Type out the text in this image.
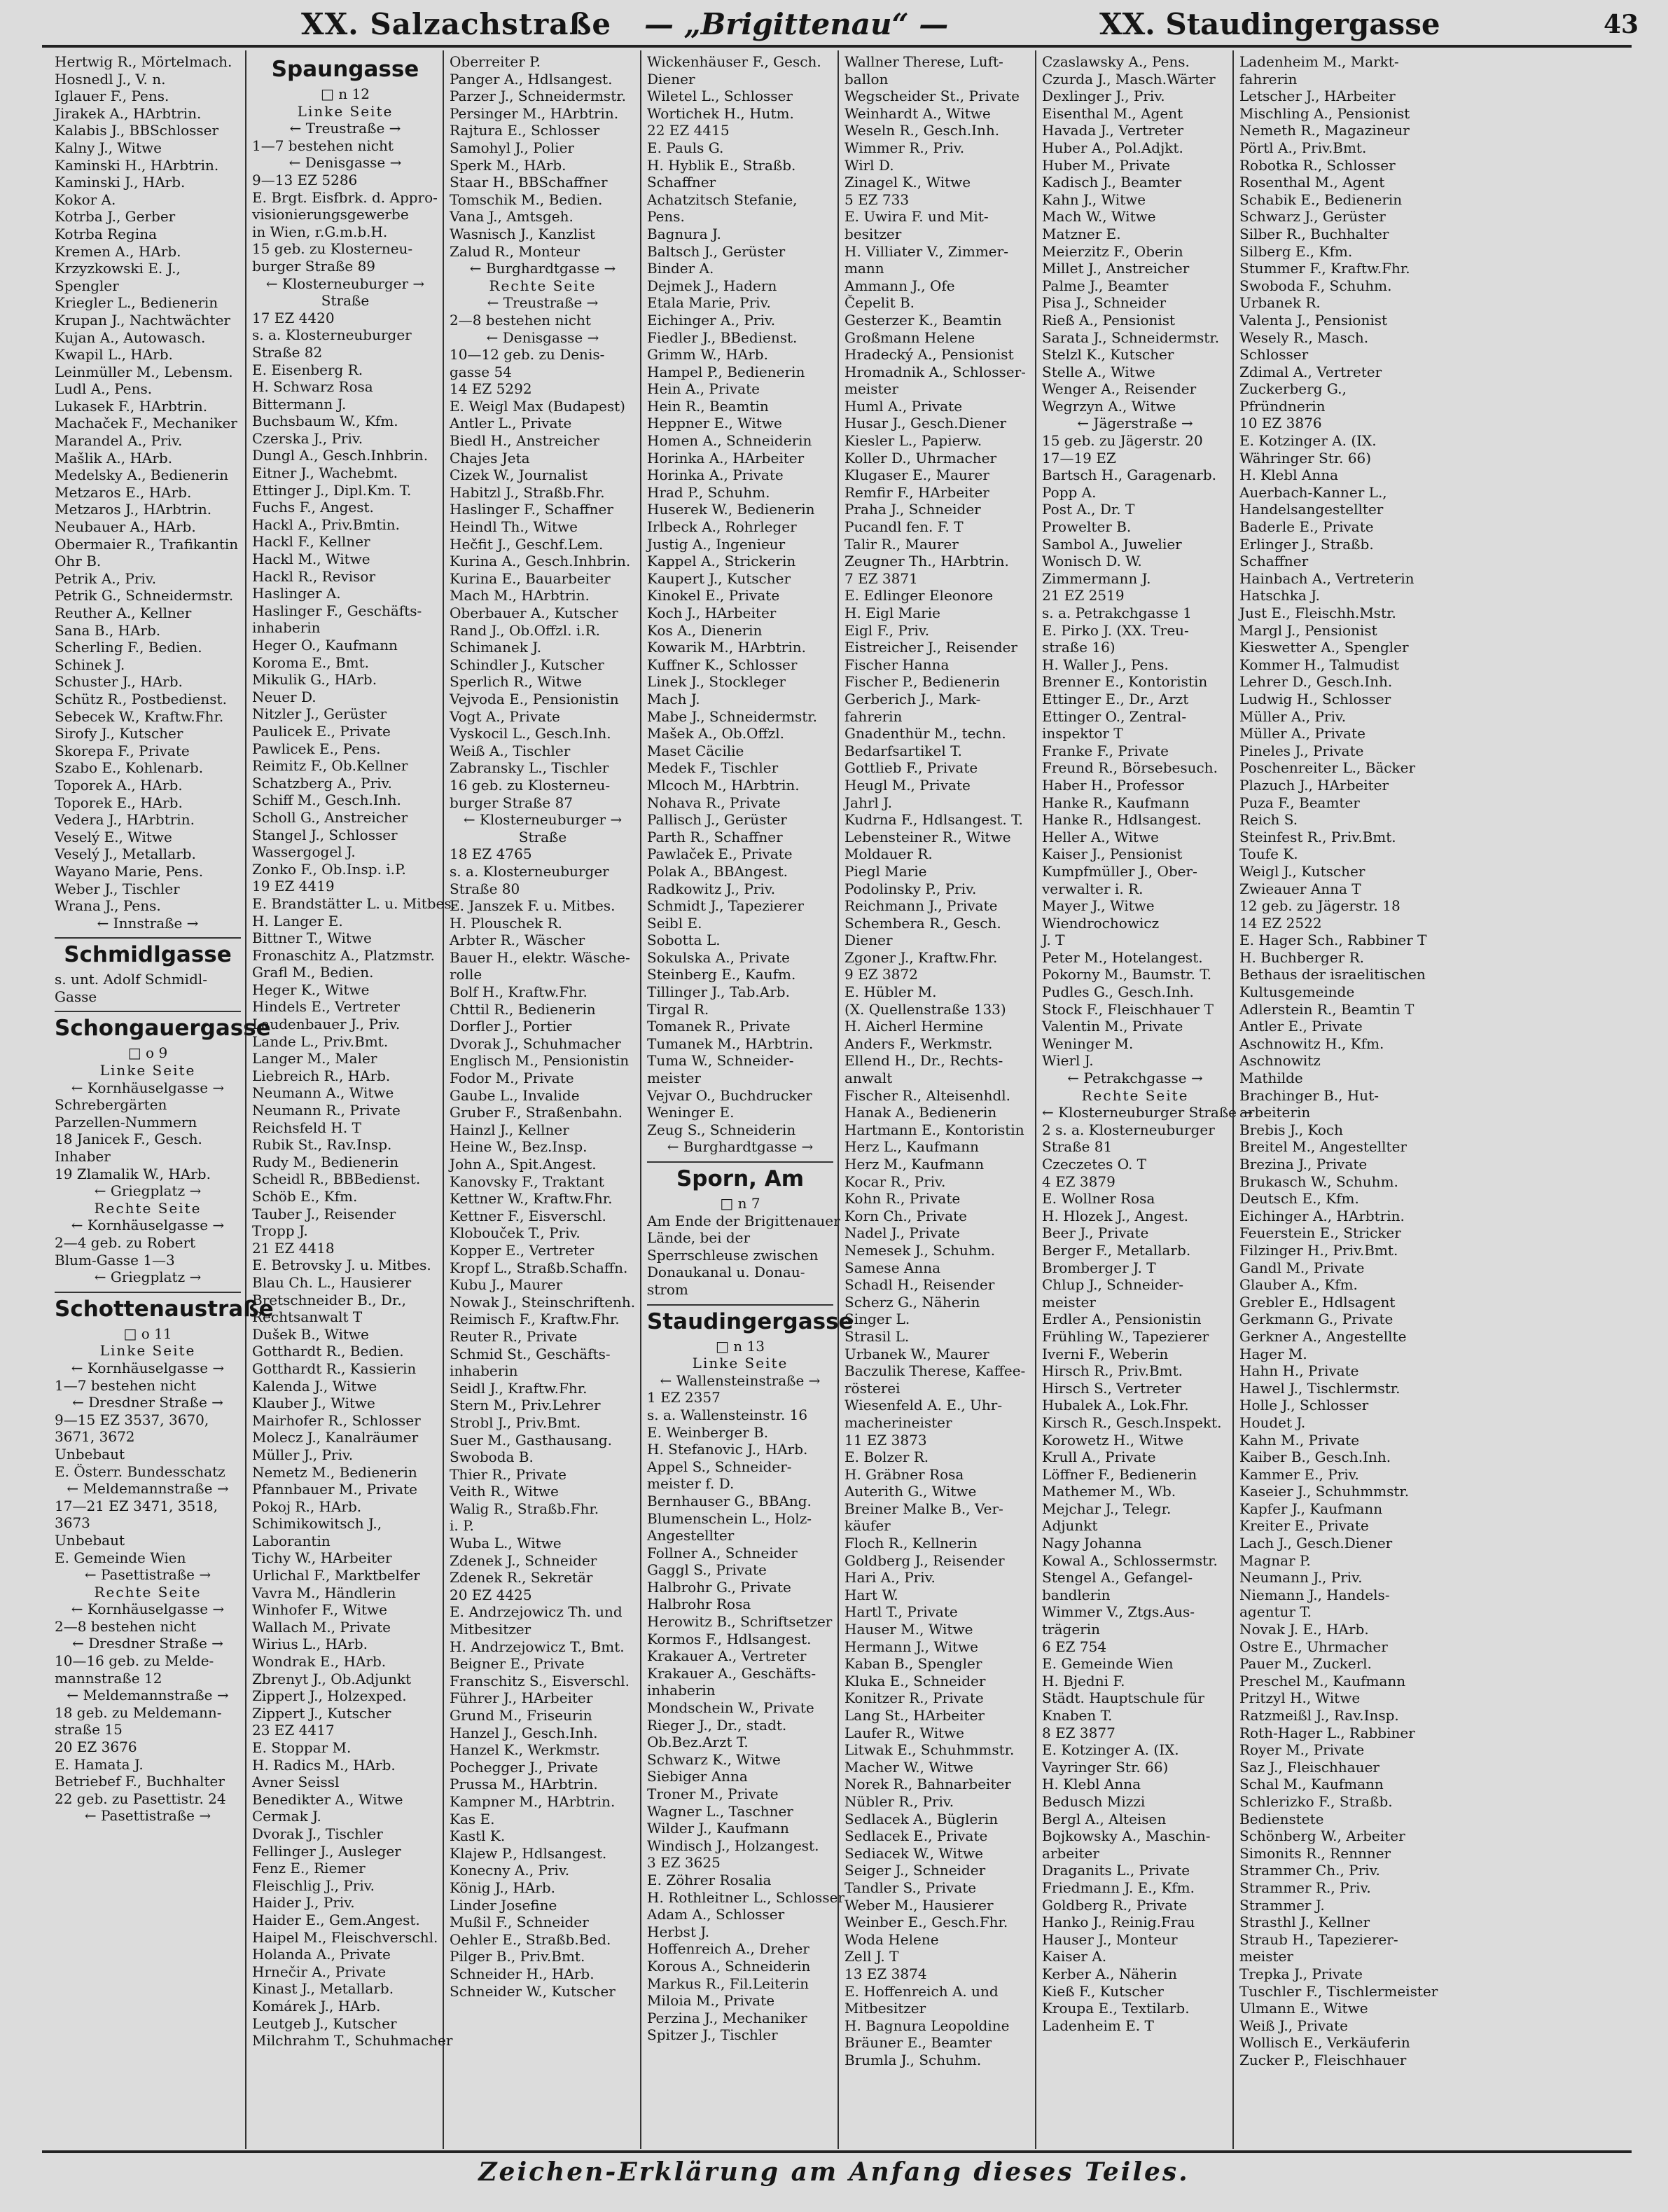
XX. Salzachstraße — „Brigittenau“ —	XX. Staudingergasse	43
Hertwig R., Mörtelmach.
Hosnedl J., V. n.
Iglauer F., Pens.
Jirakek A., HArbtrin.
Kalabis J., BBSchlosser
Kalny J., Witwe
Kaminski H., HArbtrin.
Kaminski J., HArb.
Kokor A.
Kotrba J., Gerber
Kotrba Regina
Kremen A., HArb.
Krzyzkowski E. J.,
Spengler
Kriegler L., Bedienerin
Krupan J., Nachtwächter
Kujan A., Autowasch.
Kwapil L., HArb.
Leinmüller M., Lebensm.
Ludl A., Pens.
Lukasek F., HArbtrin.
Machaček F., Mechaniker
Marandel A., Priv.
Mašlik A., HArb.
Medelsky A., Bedienerin
Metzaros E., HArb.
Metzaros J., HArbtrin.
Neubauer A., HArb.
Obermaier R., Trafikantin
Ohr B.
Petrik A., Priv.
Petrik G., Schneidermstr.
Reuther A., Kellner
Sana B., HArb.
Scherling F., Bedien.
Schinek J.
Schuster J., HArb.
Schütz R., Postbedienst.
Sebecek W., Kraftw.Fhr.
Sirofy J., Kutscher
Skorepa F., Private
Szabo E., Kohlenarb.
Toporek A., HArb.
Toporek E., HArb.
Vedera J., HArbtrin.
Veselý E., Witwe
Veselý J., Metallarb.
Wayano Marie, Pens.
Weber J., Tischler
Wrana J., Pens.
← Innstraße →
Schmidlgasse
s. unt. Adolf Schmidl-
Gasse
Schongauergasse
□ o 9
Linke Seite
← Kornhäuselgasse →
Schrebergärten
Parzellen-Nummern
18 Janicek F., Gesch.
Inhaber
19 Zlamalik W., HArb.
← Griegplatz →
Rechte Seite
← Kornhäuselgasse →
2—4 geb. zu Robert
Blum-Gasse 1—3
← Griegplatz →
Schottenaustraße
□ o 11
Linke Seite
← Kornhäuselgasse →
1—7 bestehen nicht
← Dresdner Straße →
9—15 EZ 3537, 3670,
3671, 3672
Unbebaut
E. Österr. Bundesschatz
← Meldemannstraße →
17—21 EZ 3471, 3518,
3673
Unbebaut
E. Gemeinde Wien
← Pasettistraße →
Rechte Seite
← Kornhäuselgasse →
2—8 bestehen nicht
← Dresdner Straße →
10—16 geb. zu Melde-
mannstraße 12
← Meldemannstraße →
18 geb. zu Meldemann-
straße 15
20 EZ 3676
E. Hamata J.
Betriebef F., Buchhalter
22 geb. zu Pasettistr. 24
← Pasettistraße →
Spaungasse
□ n 12
Linke Seite
← Treustraße →
1—7 bestehen nicht
← Denisgasse →
9—13 EZ 5286
E. Brgt. Eisfbrk. d. Appro-
visionierungsgewerbe
in Wien, r.G.m.b.H.
15 geb. zu Klosterneu-
burger Straße 89
← Klosterneuburger →
Straße
17 EZ 4420
s. a. Klosterneuburger
Straße 82
E. Eisenberg R.
H. Schwarz Rosa
Bittermann J.
Buchsbaum W., Kfm.
Czerska J., Priv.
Dungl A., Gesch.Inhbrin.
Eitner J., Wachebmt.
Ettinger J., Dipl.Km. T.
Fuchs F., Angest.
Hackl A., Priv.Bmtin.
Hackl F., Kellner
Hackl M., Witwe
Hackl R., Revisor
Haslinger A.
Haslinger F., Geschäfts-
inhaberin
Heger O., Kaufmann
Koroma E., Bmt.
Mikulik G., HArb.
Neuer D.
Nitzler J., Gerüster
Paulicek E., Private
Pawlicek E., Pens.
Reimitz F., Ob.Kellner
Schatzberg A., Priv.
Schiff M., Gesch.Inh.
Scholl G., Anstreicher
Stangel J., Schlosser
Wassergogel J.
Zonko F., Ob.Insp. i.P.
19 EZ 4419
E. Brandstätter L. u. Mitbes.
H. Langer E.
Bittner T., Witwe
Fronaschitz A., Platzmstr.
Grafl M., Bedien.
Heger K., Witwe
Hindels E., Vertreter
Laudenbauer J., Priv.
Lande L., Priv.Bmt.
Langer M., Maler
Liebreich R., HArb.
Neumann A., Witwe
Neumann R., Private
Reichsfeld H. T
Rubik St., Rav.Insp.
Rudy M., Bedienerin
Scheidl R., BBBedienst.
Schöb E., Kfm.
Tauber J., Reisender
Tropp J.
21 EZ 4418
E. Betrovsky J. u. Mitbes.
Blau Ch. L., Hausierer
Bretschneider B., Dr.,
Rechtsanwalt T
Dušek B., Witwe
Gotthardt R., Bedien.
Gotthardt R., Kassierin
Kalenda J., Witwe
Klauber J., Witwe
Mairhofer R., Schlosser
Molecz J., Kanalräumer
Müller J., Priv.
Nemetz M., Bedienerin
Pfannbauer M., Private
Pokoj R., HArb.
Schimikowitsch J.,
Laborantin
Tichy W., HArbeiter
Urlichal F., Marktbelfer
Vavra M., Händlerin
Winhofer F., Witwe
Wallach M., Private
Wirius L., HArb.
Wondrak E., HArb.
Zbrenyt J., Ob.Adjunkt
Zippert J., Holzexped.
Zippert J., Kutscher
23 EZ 4417
E. Stoppar M.
H. Radics M., HArb.
Avner Seissl
Benedikter A., Witwe
Cermak J.
Dvorak J., Tischler
Fellinger J., Ausleger
Fenz E., Riemer
Fleischlig J., Priv.
Haider J., Priv.
Haider E., Gem.Angest.
Haipel M., Fleischverschl.
Holanda A., Private
Hrnečir A., Private
Kinast J., Metallarb.
Komárek J., HArb.
Leutgeb J., Kutscher
Milchrahm T., Schuhmacher
Oberreiter P.
Panger A., Hdlsangest.
Parzer J., Schneidermstr.
Persinger M., HArbtrin.
Rajtura E., Schlosser
Samohyl J., Polier
Sperk M., HArb.
Staar H., BBSchaffner
Tomschik M., Bedien.
Vana J., Amtsgeh.
Wasnisch J., Kanzlist
Zalud R., Monteur
← Burghardtgasse →
Rechte Seite
← Treustraße →
2—8 bestehen nicht
← Denisgasse →
10—12 geb. zu Denis-
gasse 54
14 EZ 5292
E. Weigl Max (Budapest)
Antler L., Private
Biedl H., Anstreicher
Chajes Jeta
Cizek W., Journalist
Habitzl J., Straßb.Fhr.
Haslinger F., Schaffner
Heindl Th., Witwe
Hečfit J., Geschf.Lem.
Kurina A., Gesch.Inhbrin.
Kurina E., Bauarbeiter
Mach M., HArbtrin.
Oberbauer A., Kutscher
Rand J., Ob.Offzl. i.R.
Schimanek J.
Schindler J., Kutscher
Sperlich R., Witwe
Vejvoda E., Pensionistin
Vogt A., Private
Vyskocil L., Gesch.Inh.
Weiß A., Tischler
Zabransky L., Tischler
16 geb. zu Klosterneu-
burger Straße 87
← Klosterneuburger →
Straße
18 EZ 4765
s. a. Klosterneuburger
Straße 80
E. Janszek F. u. Mitbes.
H. Plouschek R.
Arbter R., Wäscher
Bauer H., elektr. Wäsche-
rolle
Bolf H., Kraftw.Fhr.
Chttil R., Bedienerin
Dorfler J., Portier
Dvorak J., Schuhmacher
Englisch M., Pensionistin
Fodor M., Private
Gaube L., Invalide
Gruber F., Straßenbahn.
Hainzl J., Kellner
Heine W., Bez.Insp.
John A., Spit.Angest.
Kanovsky F., Traktant
Kettner W., Kraftw.Fhr.
Kettner F., Eisverschl.
Klobouček T., Priv.
Kopper E., Vertreter
Kropf L., Straßb.Schaffn.
Kubu J., Maurer
Nowak J., Steinschriftenh.
Reimisch F., Kraftw.Fhr.
Reuter R., Private
Schmid St., Geschäfts-
inhaberin
Seidl J., Kraftw.Fhr.
Stern M., Priv.Lehrer
Strobl J., Priv.Bmt.
Suer M., Gasthausang.
Swoboda B.
Thier R., Private
Veith R., Witwe
Walig R., Straßb.Fhr.
i. P.
Wuba L., Witwe
Zdenek J., Schneider
Zdenek R., Sekretär
20 EZ 4425
E. Andrzejowicz Th. und
Mitbesitzer
H. Andrzejowicz T., Bmt.
Beigner E., Private
Franschitz S., Eisverschl.
Führer J., HArbeiter
Grund M., Friseurin
Hanzel J., Gesch.Inh.
Hanzel K., Werkmstr.
Pochegger J., Private
Prussa M., HArbtrin.
Kampner M., HArbtrin.
Kas E.
Kastl K.
Klajew P., Hdlsangest.
Konecny A., Priv.
König J., HArb.
Linder Josefine
Mußil F., Schneider
Oehler E., Straßb.Bed.
Pilger B., Priv.Bmt.
Schneider H., HArb.
Schneider W., Kutscher
Wickenhäuser F., Gesch.
Diener
Wiletel L., Schlosser
Wortichek H., Hutm.
22 EZ 4415
E. Pauls G.
H. Hyblik E., Straßb.
Schaffner
Achatzitsch Stefanie,
Pens.
Bagnura J.
Baltsch J., Gerüster
Binder A.
Dejmek J., Hadern
Etala Marie, Priv.
Eichinger A., Priv.
Fiedler J., BBedienst.
Grimm W., HArb.
Hampel P., Bedienerin
Hein A., Private
Hein R., Beamtin
Heppner E., Witwe
Homen A., Schneiderin
Horinka A., HArbeiter
Horinka A., Private
Hrad P., Schuhm.
Huserek W., Bedienerin
Irlbeck A., Rohrleger
Justig A., Ingenieur
Kappel A., Strickerin
Kaupert J., Kutscher
Kinokel E., Private
Koch J., HArbeiter
Kos A., Dienerin
Kowarik M., HArbtrin.
Kuffner K., Schlosser
Linek J., Stockleger
Mach J.
Mabe J., Schneidermstr.
Mašek A., Ob.Offzl.
Maset Cäcilie
Medek F., Tischler
Mlcoch M., HArbtrin.
Nohava R., Private
Pallisch J., Gerüster
Parth R., Schaffner
Pawlaček E., Private
Polak A., BBAngest.
Radkowitz J., Priv.
Schmidt J., Tapezierer
Seibl E.
Sobotta L.
Sokulska A., Private
Steinberg E., Kaufm.
Tillinger J., Tab.Arb.
Tirgal R.
Tomanek R., Private
Tumanek M., HArbtrin.
Tuma W., Schneider-
meister
Vejvar O., Buchdrucker
Weninger E.
Zeug S., Schneiderin
← Burghardtgasse →
Sporn, Am
□ n 7
Am Ende der Brigittenauer
Lände, bei der
Sperrschleuse zwischen
Donaukanal u. Donau-
strom
Staudingergasse
□ n 13
Linke Seite
← Wallensteinstraße →
1 EZ 2357
s. a. Wallensteinstr. 16
E. Weinberger B.
H. Stefanovic J., HArb.
Appel S., Schneider-
meister f. D.
Bernhauser G., BBAng.
Blumenschein L., Holz-
Angestellter
Follner A., Schneider
Gaggl S., Private
Halbrohr G., Private
Halbrohr Rosa
Herowitz B., Schriftsetzer
Kormos F., Hdlsangest.
Krakauer A., Vertreter
Krakauer A., Geschäfts-
inhaberin
Mondschein W., Private
Rieger J., Dr., stadt.
Ob.Bez.Arzt T.
Schwarz K., Witwe
Siebiger Anna
Troner M., Private
Wagner L., Taschner
Wilder J., Kaufmann
Windisch J., Holzangest.
3 EZ 3625
E. Zöhrer Rosalia
H. Rothleitner L., Schlosser
Adam A., Schlosser
Herbst J.
Hoffenreich A., Dreher
Korous A., Schneiderin
Markus R., Fil.Leiterin
Miloia M., Private
Perzina J., Mechaniker
Spitzer J., Tischler
Wallner Therese, Luft-
ballon
Wegscheider St., Private
Weinhardt A., Witwe
Weseln R., Gesch.Inh.
Wimmer R., Priv.
Wirl D.
Zinagel K., Witwe
5 EZ 733
E. Uwira F. und Mit-
besitzer
H. Villiater V., Zimmer-
mann
Ammann J., Ofe
Čepelit B.
Gesterzer K., Beamtin
Großmann Helene
Hradecký A., Pensionist
Hromadnik A., Schlosser-
meister
Huml A., Private
Husar J., Gesch.Diener
Kiesler L., Papierw.
Koller D., Uhrmacher
Klugaser E., Maurer
Remfir F., HArbeiter
Praha J., Schneider
Pucandl fen. F. T
Talir R., Maurer
Zeugner Th., HArbtrin.
7 EZ 3871
E. Edlinger Eleonore
H. Eigl Marie
Eigl F., Priv.
Eistreicher J., Reisender
Fischer Hanna
Fischer P., Bedienerin
Gerberich J., Mark-
fahrerin
Gnadenthür M., techn.
Bedarfsartikel T.
Gottlieb F., Private
Heugl M., Private
Jahrl J.
Kudrna F., Hdlsangest. T.
Lebensteiner R., Witwe
Moldauer R.
Piegl Marie
Podolinsky P., Priv.
Reichmann J., Private
Schembera R., Gesch.
Diener
Zgoner J., Kraftw.Fhr.
9 EZ 3872
E. Hübler M.
(X. Quellenstraße 133)
H. Aicherl Hermine
Anders F., Werkmstr.
Ellend H., Dr., Rechts-
anwalt
Fischer R., Alteisenhdl.
Hanak A., Bedienerin
Hartmann E., Kontoristin
Herz L., Kaufmann
Herz M., Kaufmann
Kocar R., Priv.
Kohn R., Private
Korn Ch., Private
Nadel J., Private
Nemesek J., Schuhm.
Samese Anna
Schadl H., Reisender
Scherz G., Näherin
Singer L.
Strasil L.
Urbanek W., Maurer
Baczulik Therese, Kaffee-
rösterei
Wiesenfeld A. E., Uhr-
macherineister
11 EZ 3873
E. Bolzer R.
H. Gräbner Rosa
Auterith G., Witwe
Breiner Malke B., Ver-
käufer
Floch R., Kellnerin
Goldberg J., Reisender
Hari A., Priv.
Hart W.
Hartl T., Private
Hauser M., Witwe
Hermann J., Witwe
Kaban B., Spengler
Kluka E., Schneider
Konitzer R., Private
Lang St., HArbeiter
Laufer R., Witwe
Litwak E., Schuhmmstr.
Macher W., Witwe
Norek R., Bahnarbeiter
Nübler R., Priv.
Sedlacek A., Büglerin
Sedlacek E., Private
Sediacek W., Witwe
Seiger J., Schneider
Tandler S., Private
Weber M., Hausierer
Weinber E., Gesch.Fhr.
Woda Helene
Zell J. T
13 EZ 3874
E. Hoffenreich A. und
Mitbesitzer
H. Bagnura Leopoldine
Bräuner E., Beamter
Brumla J., Schuhm.
Czaslawsky A., Pens.
Czurda J., Masch.Wärter
Dexlinger J., Priv.
Eisenthal M., Agent
Havada J., Vertreter
Huber A., Pol.Adjkt.
Huber M., Private
Kadisch J., Beamter
Kahn J., Witwe
Mach W., Witwe
Matzner E.
Meierzitz F., Oberin
Millet J., Anstreicher
Palme J., Beamter
Pisa J., Schneider
Rieß A., Pensionist
Sarata J., Schneidermstr.
Stelzl K., Kutscher
Stelle A., Witwe
Wenger A., Reisender
Wegrzyn A., Witwe
← Jägerstraße →
15 geb. zu Jägerstr. 20
17—19 EZ
Bartsch H., Garagenarb.
Popp A.
Post A., Dr. T
Prowelter B.
Sambol A., Juwelier
Wonisch D. W.
Zimmermann J.
21 EZ 2519
s. a. Petrakchgasse 1
E. Pirko J. (XX. Treu-
straße 16)
H. Waller J., Pens.
Brenner E., Kontoristin
Ettinger E., Dr., Arzt
Ettinger O., Zentral-
inspektor T
Franke F., Private
Freund R., Börsebesuch.
Haber H., Professor
Hanke R., Kaufmann
Hanke R., Hdlsangest.
Heller A., Witwe
Kaiser J., Pensionist
Kumpfmüller J., Ober-
verwalter i. R.
Mayer J., Witwe
Wiendrochowicz
J. T
Peter M., Hotelangest.
Pokorny M., Baumstr. T.
Pudles G., Gesch.Inh.
Stock F., Fleischhauer T
Valentin M., Private
Weninger M.
Wierl J.
← Petrakchgasse →
Rechte Seite
← Klosterneuburger Straße →
2 s. a. Klosterneuburger
Straße 81
Czeczetes O. T
4 EZ 3879
E. Wollner Rosa
H. Hlozek J., Angest.
Beer J., Private
Berger F., Metallarb.
Bromberger J. T
Chlup J., Schneider-
meister
Erdler A., Pensionistin
Frühling W., Tapezierer
Iverni F., Weberin
Hirsch R., Priv.Bmt.
Hirsch S., Vertreter
Hubalek A., Lok.Fhr.
Kirsch R., Gesch.Inspekt.
Korowetz H., Witwe
Krull A., Private
Löffner F., Bedienerin
Mathemer M., Wb.
Mejchar J., Telegr.
Adjunkt
Nagy Johanna
Kowal A., Schlossermstr.
Stengel A., Gefangel-
bandlerin
Wimmer V., Ztgs.Aus-
trägerin
6 EZ 754
E. Gemeinde Wien
H. Bjedni F.
Städt. Hauptschule für
Knaben T.
8 EZ 3877
E. Kotzinger A. (IX.
Vayringer Str. 66)
H. Klebl Anna
Bedusch Mizzi
Bergl A., Alteisen
Bojkowsky A., Maschin-
arbeiter
Draganits L., Private
Friedmann J. E., Kfm.
Goldberg R., Private
Hanko J., Reinig.Frau
Hauser J., Monteur
Kaiser A.
Kerber A., Näherin
Kieß F., Kutscher
Kroupa E., Textilarb.
Ladenheim E. T
Ladenheim M., Markt-
fahrerin
Letscher J., HArbeiter
Mischling A., Pensionist
Nemeth R., Magazineur
Pörtl A., Priv.Bmt.
Robotka R., Schlosser
Rosenthal M., Agent
Schabik E., Bedienerin
Schwarz J., Gerüster
Silber R., Buchhalter
Silberg E., Kfm.
Stummer F., Kraftw.Fhr.
Swoboda F., Schuhm.
Urbanek R.
Valenta J., Pensionist
Wesely R., Masch.
Schlosser
Zdimal A., Vertreter
Zuckerberg G.,
Pfründnerin
10 EZ 3876
E. Kotzinger A. (IX.
Währinger Str. 66)
H. Klebl Anna
Auerbach-Kanner L.,
Handelsangestellter
Baderle E., Private
Erlinger J., Straßb.
Schaffner
Hainbach A., Vertreterin
Hatschka J.
Just E., Fleischh.Mstr.
Margl J., Pensionist
Kieswetter A., Spengler
Kommer H., Talmudist
Lehrer D., Gesch.Inh.
Ludwig H., Schlosser
Müller A., Priv.
Müller A., Private
Pineles J., Private
Poschenreiter L., Bäcker
Plazuch J., HArbeiter
Puza F., Beamter
Reich S.
Steinfest R., Priv.Bmt.
Toufe K.
Weigl J., Kutscher
Zwieauer Anna T
12 geb. zu Jägerstr. 18
14 EZ 2522
E. Hager Sch., Rabbiner T
H. Buchberger R.
Bethaus der israelitischen
Kultusgemeinde
Adlerstein R., Beamtin T
Antler E., Private
Aschnowitz H., Kfm.
Aschnowitz
Mathilde
Brachinger B., Hut-
arbeiterin
Brebis J., Koch
Breitel M., Angestellter
Brezina J., Private
Brukasch W., Schuhm.
Deutsch E., Kfm.
Eichinger A., HArbtrin.
Feuerstein E., Stricker
Filzinger H., Priv.Bmt.
Gandl M., Private
Glauber A., Kfm.
Grebler E., Hdlsagent
Gerkmann G., Private
Gerkner A., Angestellte
Hager M.
Hahn H., Private
Hawel J., Tischlermstr.
Holle J., Schlosser
Houdet J.
Kahn M., Private
Kaiber B., Gesch.Inh.
Kammer E., Priv.
Kaseier J., Schuhmmstr.
Kapfer J., Kaufmann
Kreiter E., Private
Lach J., Gesch.Diener
Magnar P.
Neumann J., Priv.
Niemann J., Handels-
agentur T.
Novak J. E., HArb.
Ostre E., Uhrmacher
Pauer M., Zuckerl.
Preschel M., Kaufmann
Pritzyl H., Witwe
Ratzmeißl J., Rav.Insp.
Roth-Hager L., Rabbiner
Royer M., Private
Saz J., Fleischhauer
Schal M., Kaufmann
Schlerizko F., Straßb.
Bedienstete
Schönberg W., Arbeiter
Simonits R., Rennner
Strammer Ch., Priv.
Strammer R., Priv.
Strammer J.
Strasthl J., Kellner
Straub H., Tapezierer-
meister
Trepka J., Private
Tuschler F., Tischlermeister
Ulmann E., Witwe
Weiß J., Private
Wollisch E., Verkäuferin
Zucker P., Fleischhauer
Zeichen-Erklärung am Anfang dieses Teiles.
